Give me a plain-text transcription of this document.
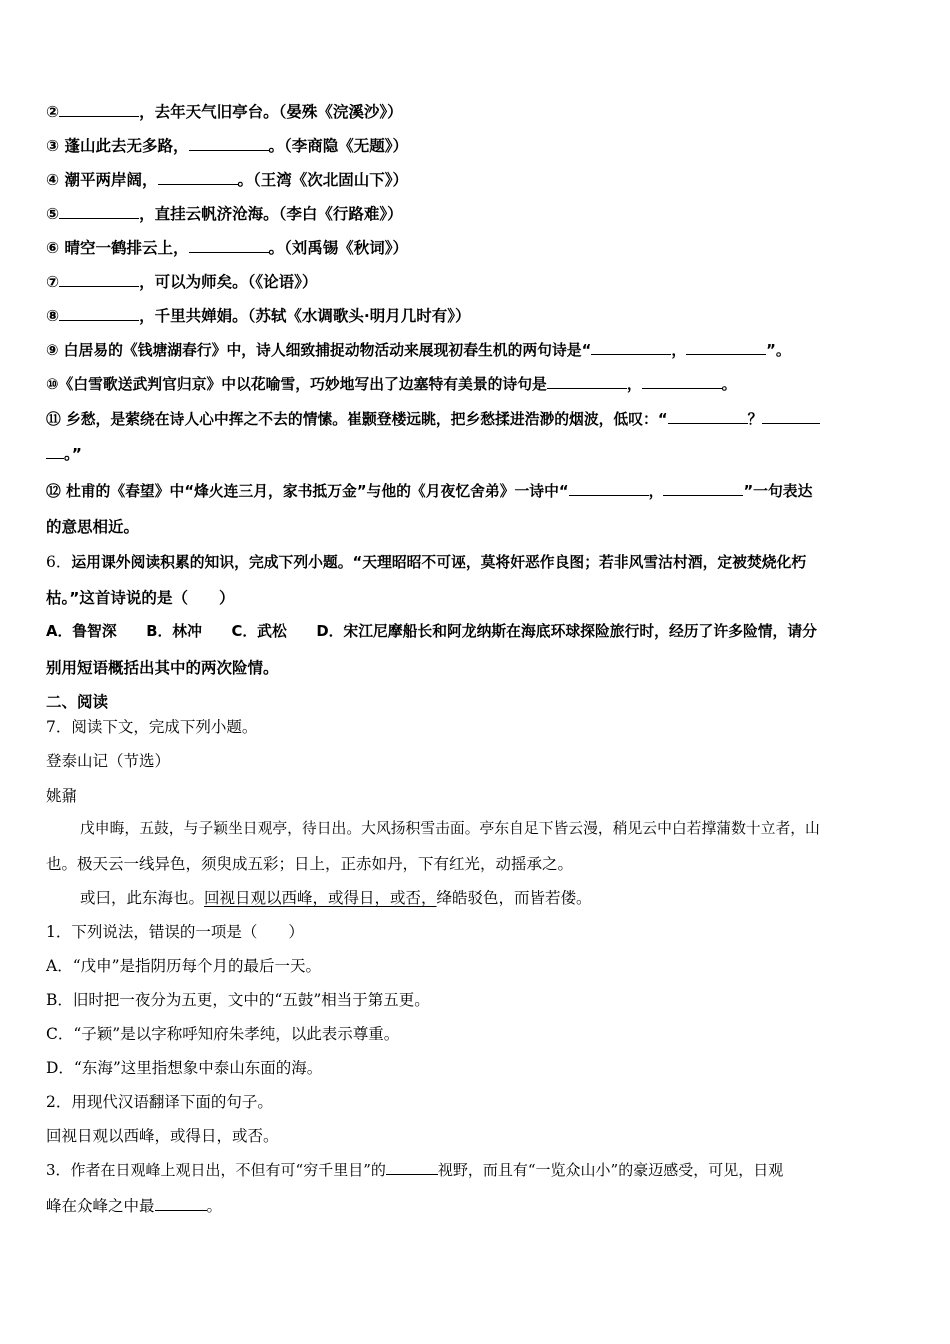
②	，去年天气旧亭台。（晏殊《浣溪沙》）
③ 蓬山此去无多路，	。（李商隐《无题》）
④ 潮平两岸阔，	。（王湾《次北固山下》）
⑤	，直挂云帆济沧海。（李白《行路难》）
⑥ 晴空一鹤排云上，	。（刘禹锡《秋词》）
⑦	，可以为师矣。（《论语》）
⑧	，千里共婵娟。（苏轼《水调歌头·明月几时有》）
⑨ 白居易的《钱塘湖春行》中，诗人细致捕捉动物活动来展现初春生机的两句诗是“	，	”。
⑩《白雪歌送武判官归京》中以花喻雪，巧妙地写出了边塞特有美景的诗句是	，	。
⑪ 乡愁，是萦绕在诗人心中挥之不去的情愫。崔颢登楼远眺，把乡愁揉进浩渺的烟波，低叹：“	？
。”
⑫ 杜甫的《春望》中“烽火连三月，家书抵万金”与他的《月夜忆舍弟》一诗中“	，	”一句表达
的意思相近。
6．运用课外阅读积累的知识，完成下列小题。“天理昭昭不可诬，莫将奸恶作良图；若非风雪沽村酒，定被焚烧化朽
枯。”这首诗说的是（　　）
A．鲁智深　　B．林冲　　C．武松　　D．宋江尼摩船长和阿龙纳斯在海底环球探险旅行时，经历了许多险情，请分
别用短语概括出其中的两次险情。
二、阅读
7．阅读下文，完成下列小题。
登泰山记（节选）
姚鼐
戊申晦，五鼓，与子颖坐日观亭，待日出。大风扬积雪击面。亭东自足下皆云漫，稍见云中白若撑蒲数十立者，山
也。极天云一线异色，须臾成五彩；日上，正赤如丹，下有红光，动摇承之。
或曰，此东海也。回视日观以西峰，或得日，或否，绛皓驳色，而皆若偻。
1．下列说法，错误的一项是（　　）
A．“戊申”是指阴历每个月的最后一天。
B．旧时把一夜分为五更，文中的“五鼓”相当于第五更。
C．“子颖”是以字称呼知府朱孝纯，以此表示尊重。
D．“东海”这里指想象中泰山东面的海。
2．用现代汉语翻译下面的句子。
回视日观以西峰，或得日，或否。
3．作者在日观峰上观日出，不但有可“穷千里目”的	视野，而且有“一览众山小”的豪迈感受，可见，日观
峰在众峰之中最	。
